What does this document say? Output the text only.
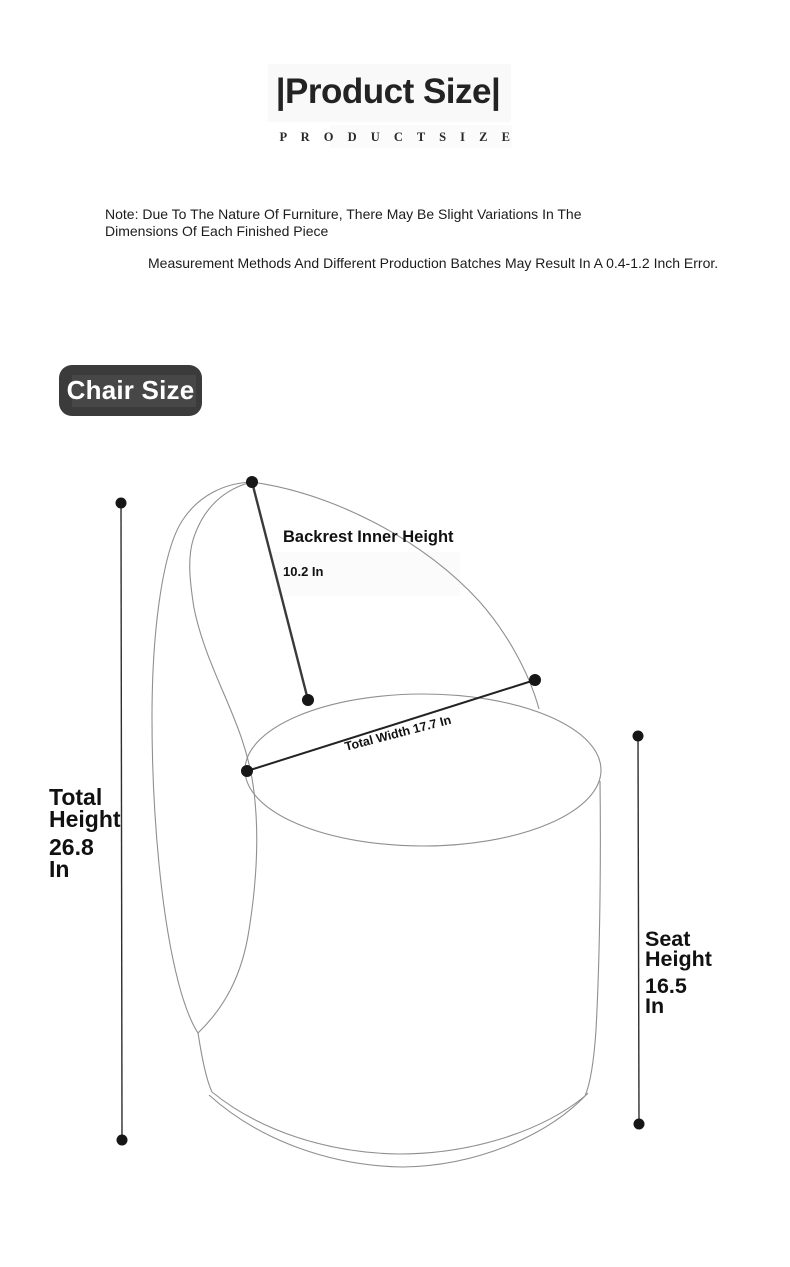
|Product Size|
P R O D U C T S I Z E
Note: Due To The Nature Of Furniture, There May Be Slight Variations In The
Dimensions Of Each Finished Piece
Measurement Methods And Different Production Batches May Result In A 0.4-1.2 Inch Error.
Chair Size
Backrest Inner Height
10.2 In
Total Width 17.7 In
Total
Height
26.8
In
Seat
Height
16.5
In
